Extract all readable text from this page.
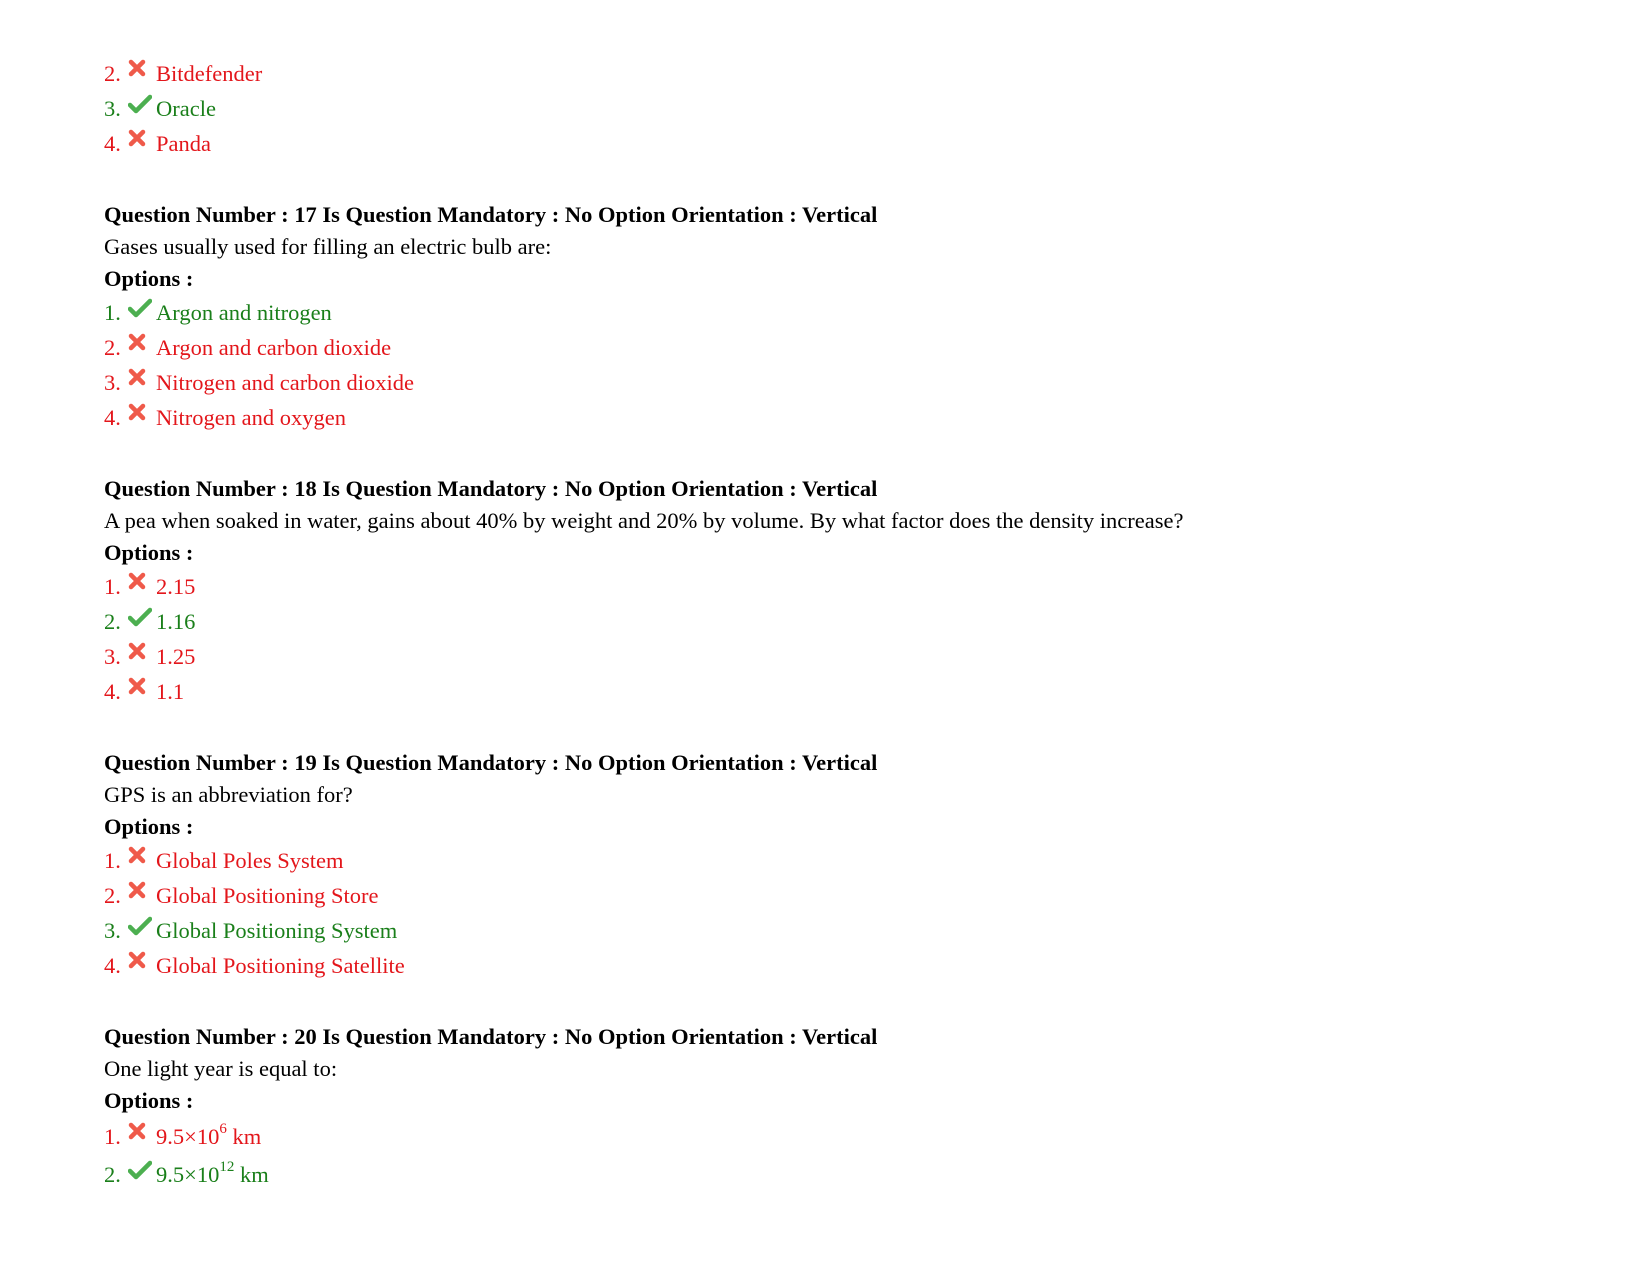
2.	Bitdefender
3.	Oracle
4.	Panda
Question Number : 17 Is Question Mandatory : No Option Orientation : Vertical
Gases usually used for filling an electric bulb are:
Options :
1.	Argon and nitrogen
2.	Argon and carbon dioxide
3.	Nitrogen and carbon dioxide
4.	Nitrogen and oxygen
Question Number : 18 Is Question Mandatory : No Option Orientation : Vertical
A pea when soaked in water, gains about 40% by weight and 20% by volume. By what factor does the density increase?
Options :
1.	2.15
2.	1.16
3.	1.25
4.	1.1
Question Number : 19 Is Question Mandatory : No Option Orientation : Vertical
GPS is an abbreviation for?
Options :
1.	Global Poles System
2.	Global Positioning Store
3.	Global Positioning System
4.	Global Positioning Satellite
Question Number : 20 Is Question Mandatory : No Option Orientation : Vertical
One light year is equal to:
Options :
1.	$9.5\times 10^6$ km
2.	$9.5\times 10^{12}$ km
